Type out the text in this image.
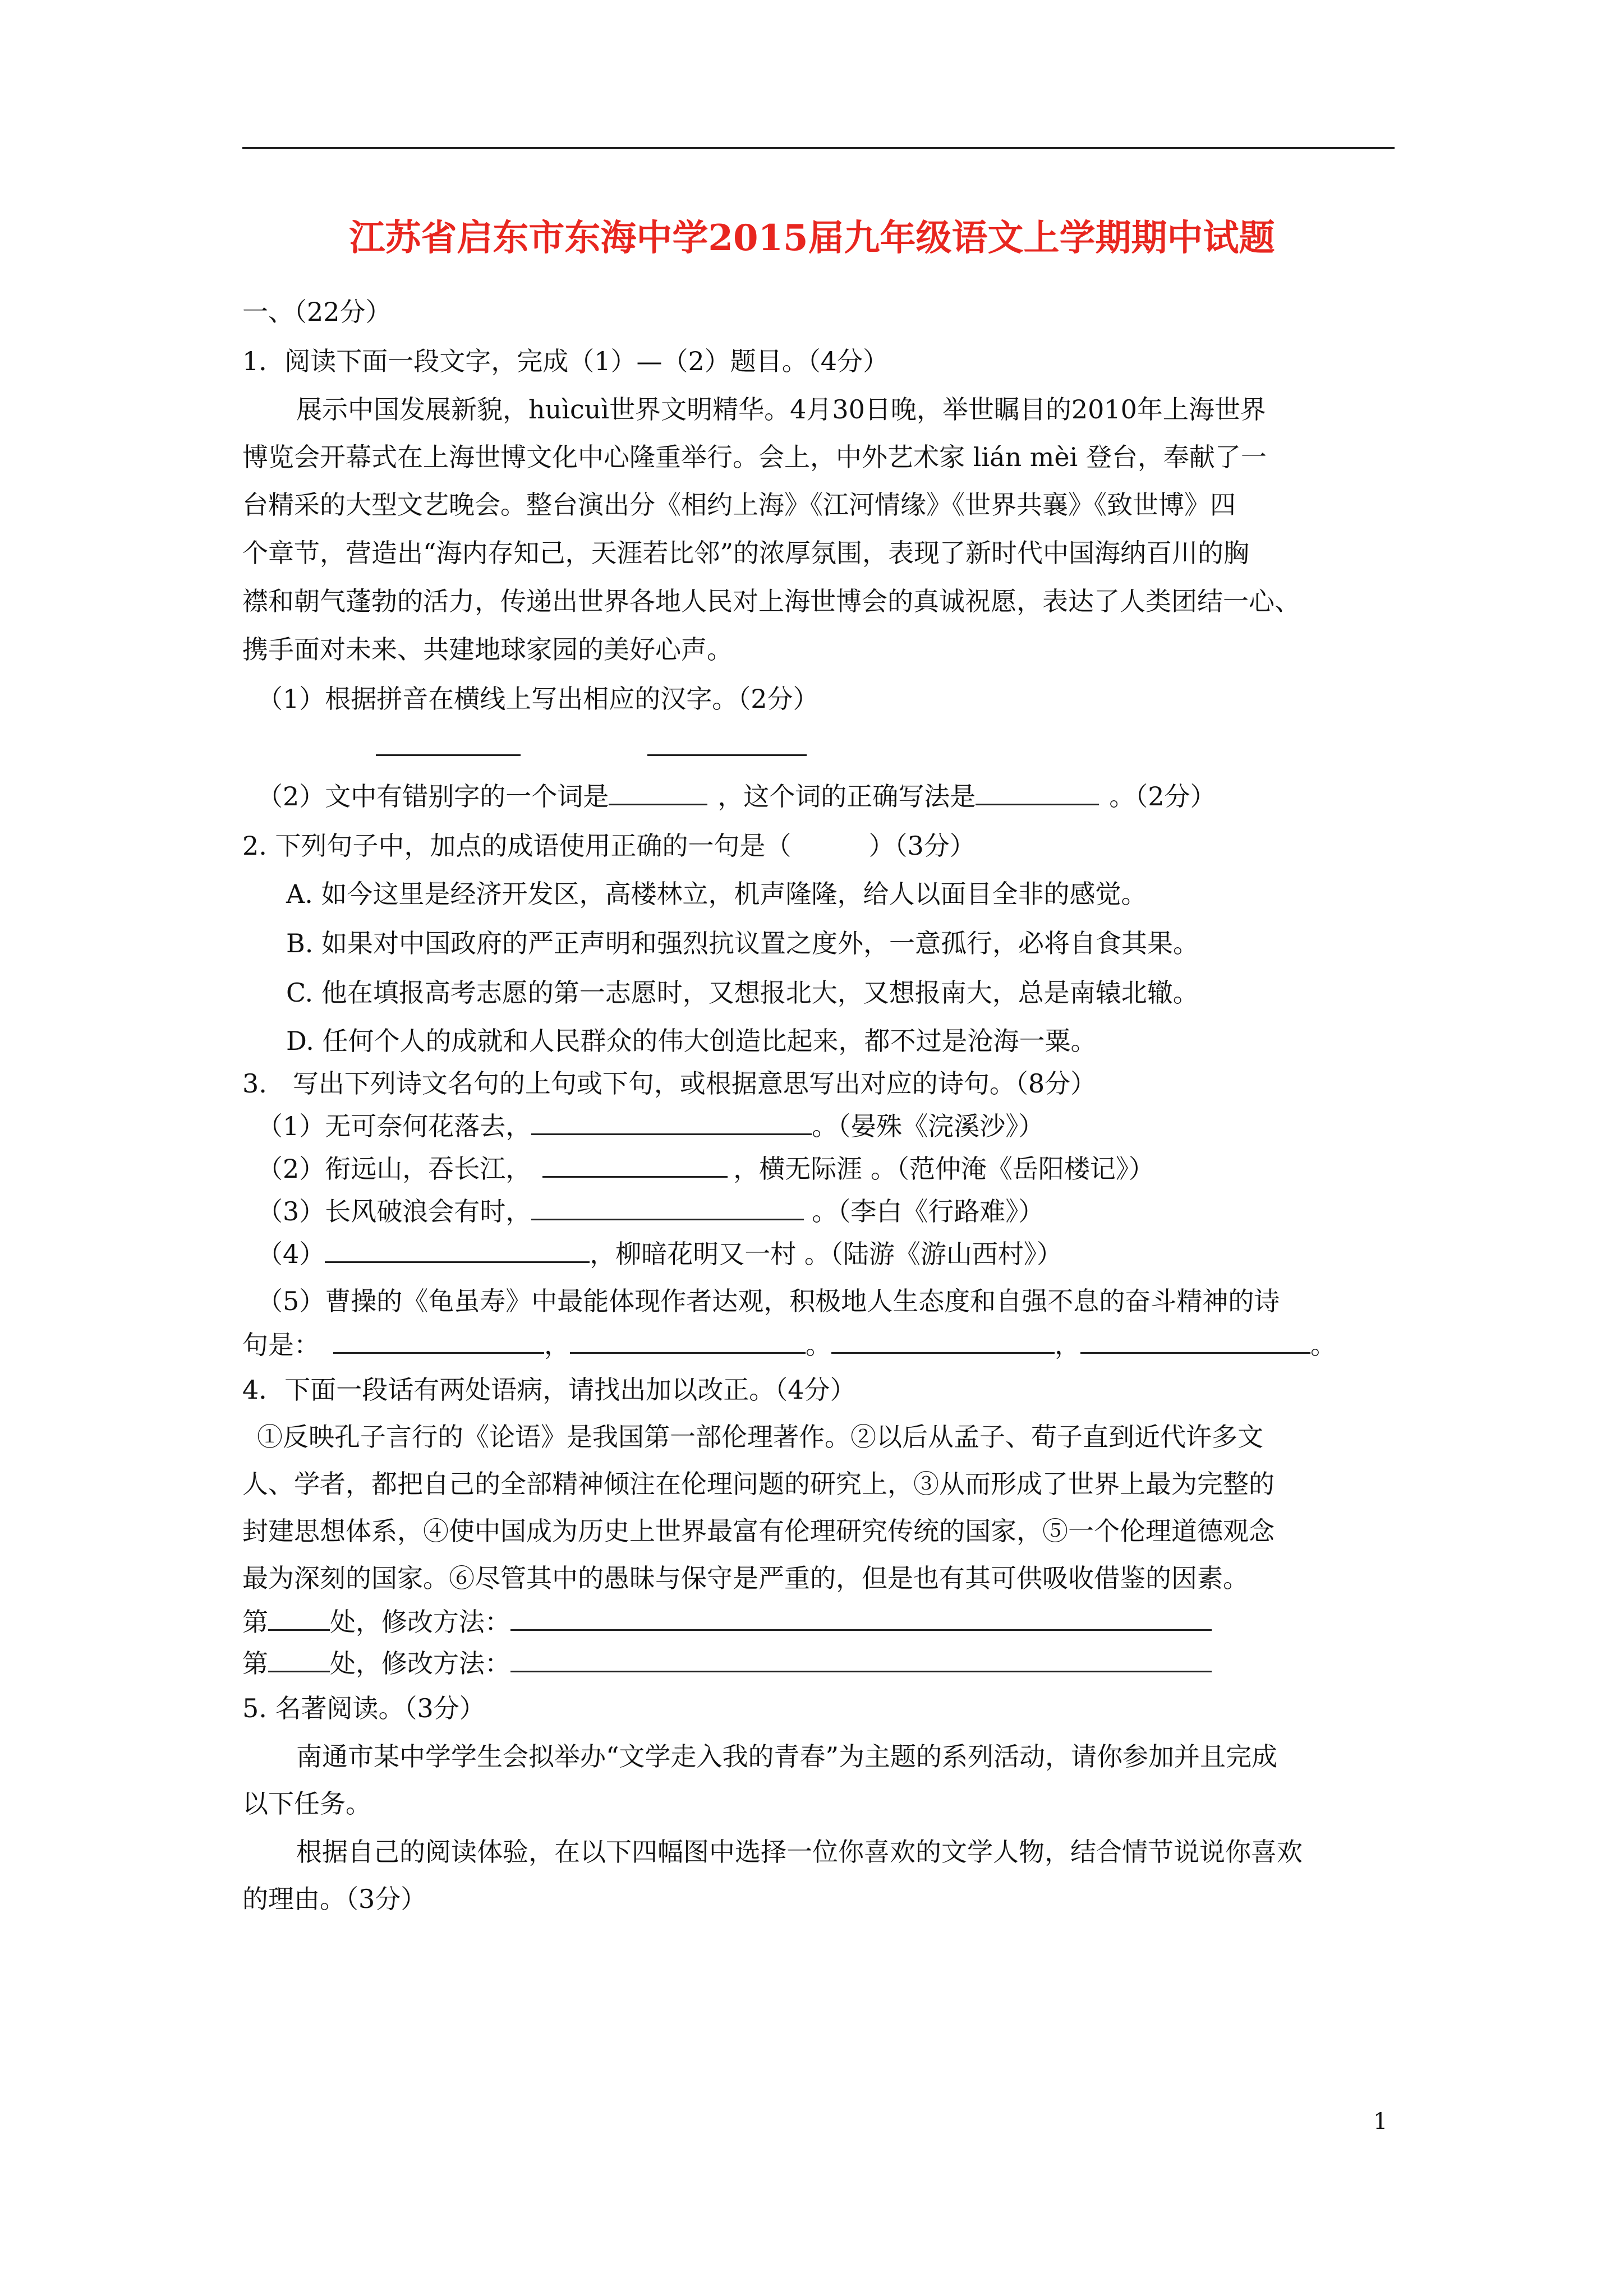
江苏省启东市东海中学2015届九年级语文上学期期中试题
一、（22分）
1．阅读下面一段文字，完成（1）—（2）题目。（4分）
展示中国发展新貌，huìcuì世界文明精华。4月30日晚，举世瞩目的2010年上海世界
博览会开幕式在上海世博文化中心隆重举行。会上，中外艺术家 lián mèi 登台，奉献了一
台精采的大型文艺晚会。整台演出分《相约上海》《江河情缘》《世界共襄》《致世博》四
个章节，营造出“海内存知己，天涯若比邻”的浓厚氛围，表现了新时代中国海纳百川的胸
襟和朝气蓬勃的活力，传递出世界各地人民对上海世博会的真诚祝愿，表达了人类团结一心、
携手面对未来、共建地球家园的美好心声。
（1）根据拼音在横线上写出相应的汉字。（2分）
（2）文中有错别字的一个词是	，这个词的正确写法是	。（2分）
2. 下列句子中，加点的成语使用正确的一句是（　　　）（3分）
A. 如今这里是经济开发区，高楼林立，机声隆隆，给人以面目全非的感觉。
B. 如果对中国政府的严正声明和强烈抗议置之度外，一意孤行，必将自食其果。
C. 他在填报高考志愿的第一志愿时，又想报北大，又想报南大，总是南辕北辙。
D. 任何个人的成就和人民群众的伟大创造比起来，都不过是沧海一粟。
3.　写出下列诗文名句的上句或下句，或根据意思写出对应的诗句。（8分）
（1）无可奈何花落去，	。（晏殊《浣溪沙》）
（2）衔远山，吞长江，	，横无际涯 。（范仲淹《岳阳楼记》）
（3）长风破浪会有时，	。（李白《行路难》）
（4）	，柳暗花明又一村 。（陆游《游山西村》）
（5）曹操的《龟虽寿》中最能体现作者达观，积极地人生态度和自强不息的奋斗精神的诗
句是：	，	。	，	。
4．下面一段话有两处语病，请找出加以改正。（4分）
①反映孔子言行的《论语》是我国第一部伦理著作。②以后从孟子、荀子直到近代许多文
人、学者，都把自己的全部精神倾注在伦理问题的研究上，③从而形成了世界上最为完整的
封建思想体系，④使中国成为历史上世界最富有伦理研究传统的国家，⑤一个伦理道德观念
最为深刻的国家。⑥尽管其中的愚昧与保守是严重的，但是也有其可供吸收借鉴的因素。
第 处，修改方法：
第 处，修改方法：
5. 名著阅读。（3分）
南通市某中学学生会拟举办“文学走入我的青春”为主题的系列活动，请你参加并且完成
以下任务。
根据自己的阅读体验，在以下四幅图中选择一位你喜欢的文学人物，结合情节说说你喜欢
的理由。（3分）
1
